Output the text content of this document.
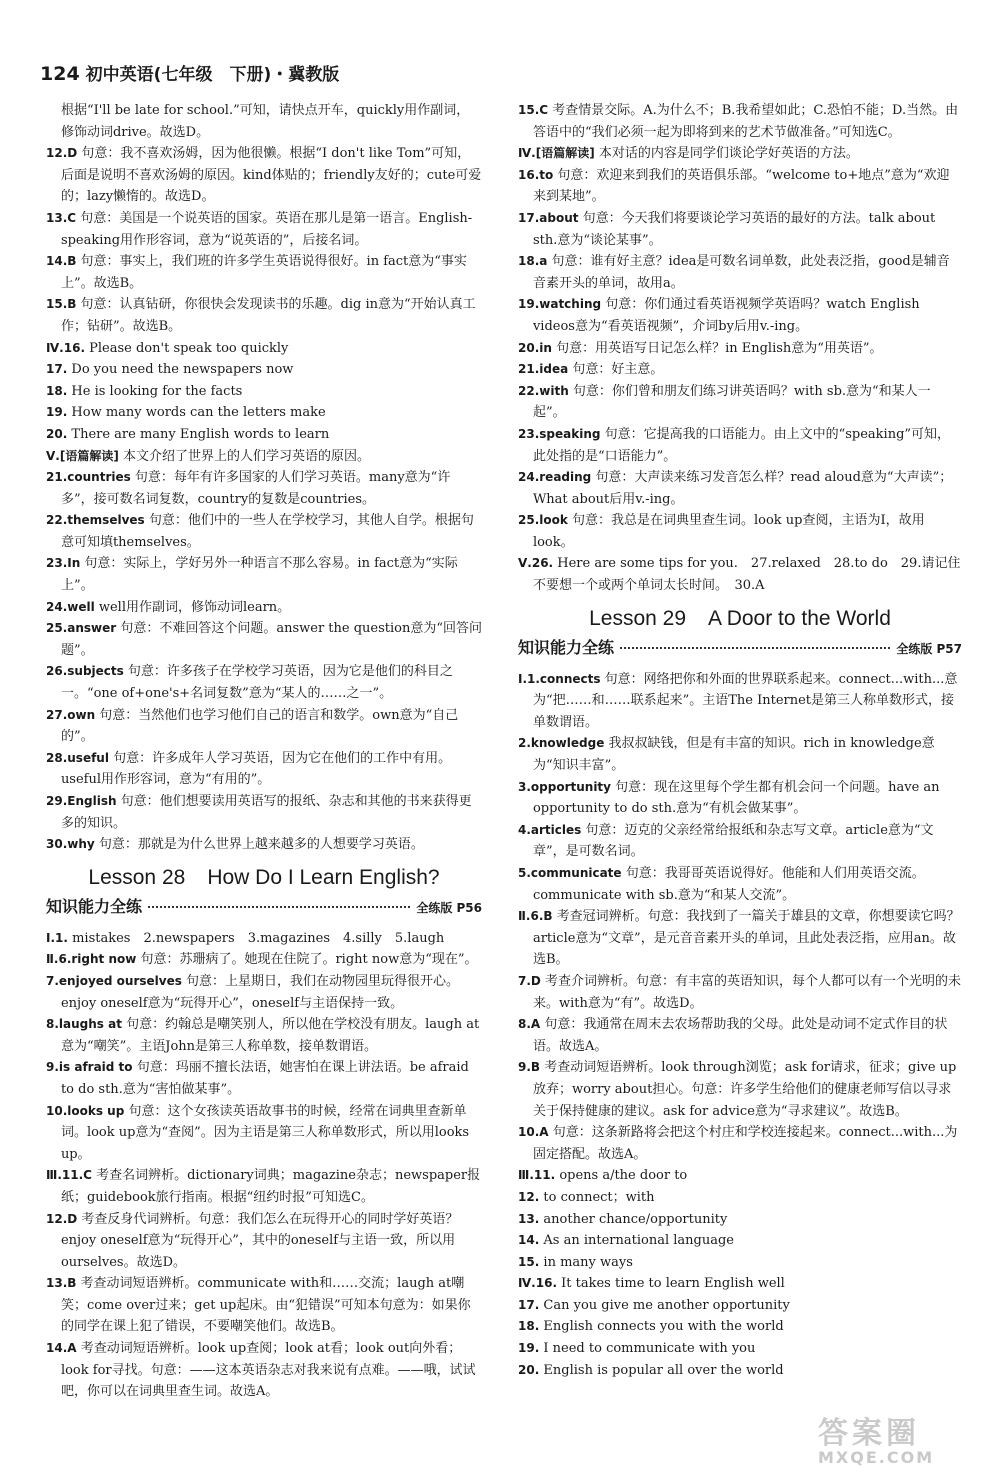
124 初中英语(七年级　下册)・冀教版
根据“I'll be late for school.”可知，请快点开车，quickly用作副词，修饰动词drive。故选D。
12.D 句意：我不喜欢汤姆，因为他很懒。根据“I don't like Tom”可知，后面是说明不喜欢汤姆的原因。kind体贴的；friendly友好的；cute可爱的；lazy懒惰的。故选D。
13.C 句意：美国是一个说英语的国家。英语在那儿是第一语言。English-speaking用作形容词，意为“说英语的”，后接名词。
14.B 句意：事实上，我们班的许多学生英语说得很好。in fact意为“事实上”。故选B。
15.B 句意：认真钻研，你很快会发现读书的乐趣。dig in意为“开始认真工作；钻研”。故选B。
Ⅳ.16. Please don't speak too quickly
17. Do you need the newspapers now
18. He is looking for the facts
19. How many words can the letters make
20. There are many English words to learn
Ⅴ.[语篇解读] 本文介绍了世界上的人们学习英语的原因。
21.countries 句意：每年有许多国家的人们学习英语。many意为“许多”，接可数名词复数，country的复数是countries。
22.themselves 句意：他们中的一些人在学校学习，其他人自学。根据句意可知填themselves。
23.In 句意：实际上，学好另外一种语言不那么容易。in fact意为“实际上”。
24.well well用作副词，修饰动词learn。
25.answer 句意：不难回答这个问题。answer the question意为“回答问题”。
26.subjects 句意：许多孩子在学校学习英语，因为它是他们的科目之一。“one of+one's+名词复数”意为“某人的……之一”。
27.own 句意：当然他们也学习他们自己的语言和数学。own意为“自己的”。
28.useful 句意：许多成年人学习英语，因为它在他们的工作中有用。useful用作形容词，意为“有用的”。
29.English 句意：他们想要读用英语写的报纸、杂志和其他的书来获得更多的知识。
30.why 句意：那就是为什么世界上越来越多的人想要学习英语。
Lesson 28 How Do I Learn English?
知识能力全练	全练版 P56
Ⅰ.1. mistakes　2.newspapers　3.magazines　4.silly　5.laugh
Ⅱ.6.right now 句意：苏珊病了。她现在住院了。right now意为“现在”。
7.enjoyed ourselves 句意：上星期日，我们在动物园里玩得很开心。enjoy oneself意为“玩得开心”，oneself与主语保持一致。
8.laughs at 句意：约翰总是嘲笑别人，所以他在学校没有朋友。laugh at意为“嘲笑”。主语John是第三人称单数，接单数谓语。
9.is afraid to 句意：玛丽不擅长法语，她害怕在课上讲法语。be afraid to do sth.意为“害怕做某事”。
10.looks up 句意：这个女孩读英语故事书的时候，经常在词典里查新单词。look up意为“查阅”。因为主语是第三人称单数形式，所以用looks up。
Ⅲ.11.C 考查名词辨析。dictionary词典；magazine杂志；newspaper报纸；guidebook旅行指南。根据“纽约时报”可知选C。
12.D 考查反身代词辨析。句意：我们怎么在玩得开心的同时学好英语？enjoy oneself意为“玩得开心”，其中的oneself与主语一致，所以用ourselves。故选D。
13.B 考查动词短语辨析。communicate with和……交流；laugh at嘲笑；come over过来；get up起床。由“犯错误”可知本句意为：如果你的同学在课上犯了错误，不要嘲笑他们。故选B。
14.A 考查动词短语辨析。look up查阅；look at看；look out向外看；look for寻找。句意：——这本英语杂志对我来说有点难。——哦，试试吧，你可以在词典里查生词。故选A。
15.C 考查情景交际。A.为什么不；B.我希望如此；C.恐怕不能；D.当然。由答语中的“我们必须一起为即将到来的艺术节做准备。”可知选C。
Ⅳ.[语篇解读] 本对话的内容是同学们谈论学好英语的方法。
16.to 句意：欢迎来到我们的英语俱乐部。“welcome to+地点”意为“欢迎来到某地”。
17.about 句意：今天我们将要谈论学习英语的最好的方法。talk about sth.意为“谈论某事”。
18.a 句意：谁有好主意？idea是可数名词单数，此处表泛指，good是辅音音素开头的单词，故用a。
19.watching 句意：你们通过看英语视频学英语吗？watch English videos意为“看英语视频”，介词by后用v.-ing。
20.in 句意：用英语写日记怎么样？in English意为“用英语”。
21.idea 句意：好主意。
22.with 句意：你们曾和朋友们练习讲英语吗？with sb.意为“和某人一起”。
23.speaking 句意：它提高我的口语能力。由上文中的“speaking”可知，此处指的是“口语能力”。
24.reading 句意：大声读来练习发音怎么样？read aloud意为“大声读”；What about后用v.-ing。
25.look 句意：我总是在词典里查生词。look up查阅，主语为I，故用look。
Ⅴ.26. Here are some tips for you.　27.relaxed　28.to do　29.请记住不要想一个或两个单词太长时间。　30.A
Lesson 29 A Door to the World
知识能力全练	全练版 P57
Ⅰ.1.connects 句意：网络把你和外面的世界联系起来。connect...with...意为“把……和……联系起来”。主语The Internet是第三人称单数形式，接单数谓语。
2.knowledge 我叔叔缺钱，但是有丰富的知识。rich in knowledge意为“知识丰富”。
3.opportunity 句意：现在这里每个学生都有机会问一个问题。have an opportunity to do sth.意为“有机会做某事”。
4.articles 句意：迈克的父亲经常给报纸和杂志写文章。article意为“文章”，是可数名词。
5.communicate 句意：我哥哥英语说得好。他能和人们用英语交流。communicate with sb.意为“和某人交流”。
Ⅱ.6.B 考查冠词辨析。句意：我找到了一篇关于雄县的文章，你想要读它吗？article意为“文章”，是元音音素开头的单词，且此处表泛指，应用an。故选B。
7.D 考查介词辨析。句意：有丰富的英语知识，每个人都可以有一个光明的未来。with意为“有”。故选D。
8.A 句意：我通常在周末去农场帮助我的父母。此处是动词不定式作目的状语。故选A。
9.B 考查动词短语辨析。look through浏览；ask for请求，征求；give up放弃；worry about担心。句意：许多学生给他们的健康老师写信以寻求关于保持健康的建议。ask for advice意为“寻求建议”。故选B。
10.A 句意：这条新路将会把这个村庄和学校连接起来。connect...with...为固定搭配。故选A。
Ⅲ.11. opens a/the door to
12. to connect；with
13. another chance/opportunity
14. As an international language
15. in many ways
Ⅳ.16. It takes time to learn English well
17. Can you give me another opportunity
18. English connects you with the world
19. I need to communicate with you
20. English is popular all over the world
答案圈
MXQE.COM
